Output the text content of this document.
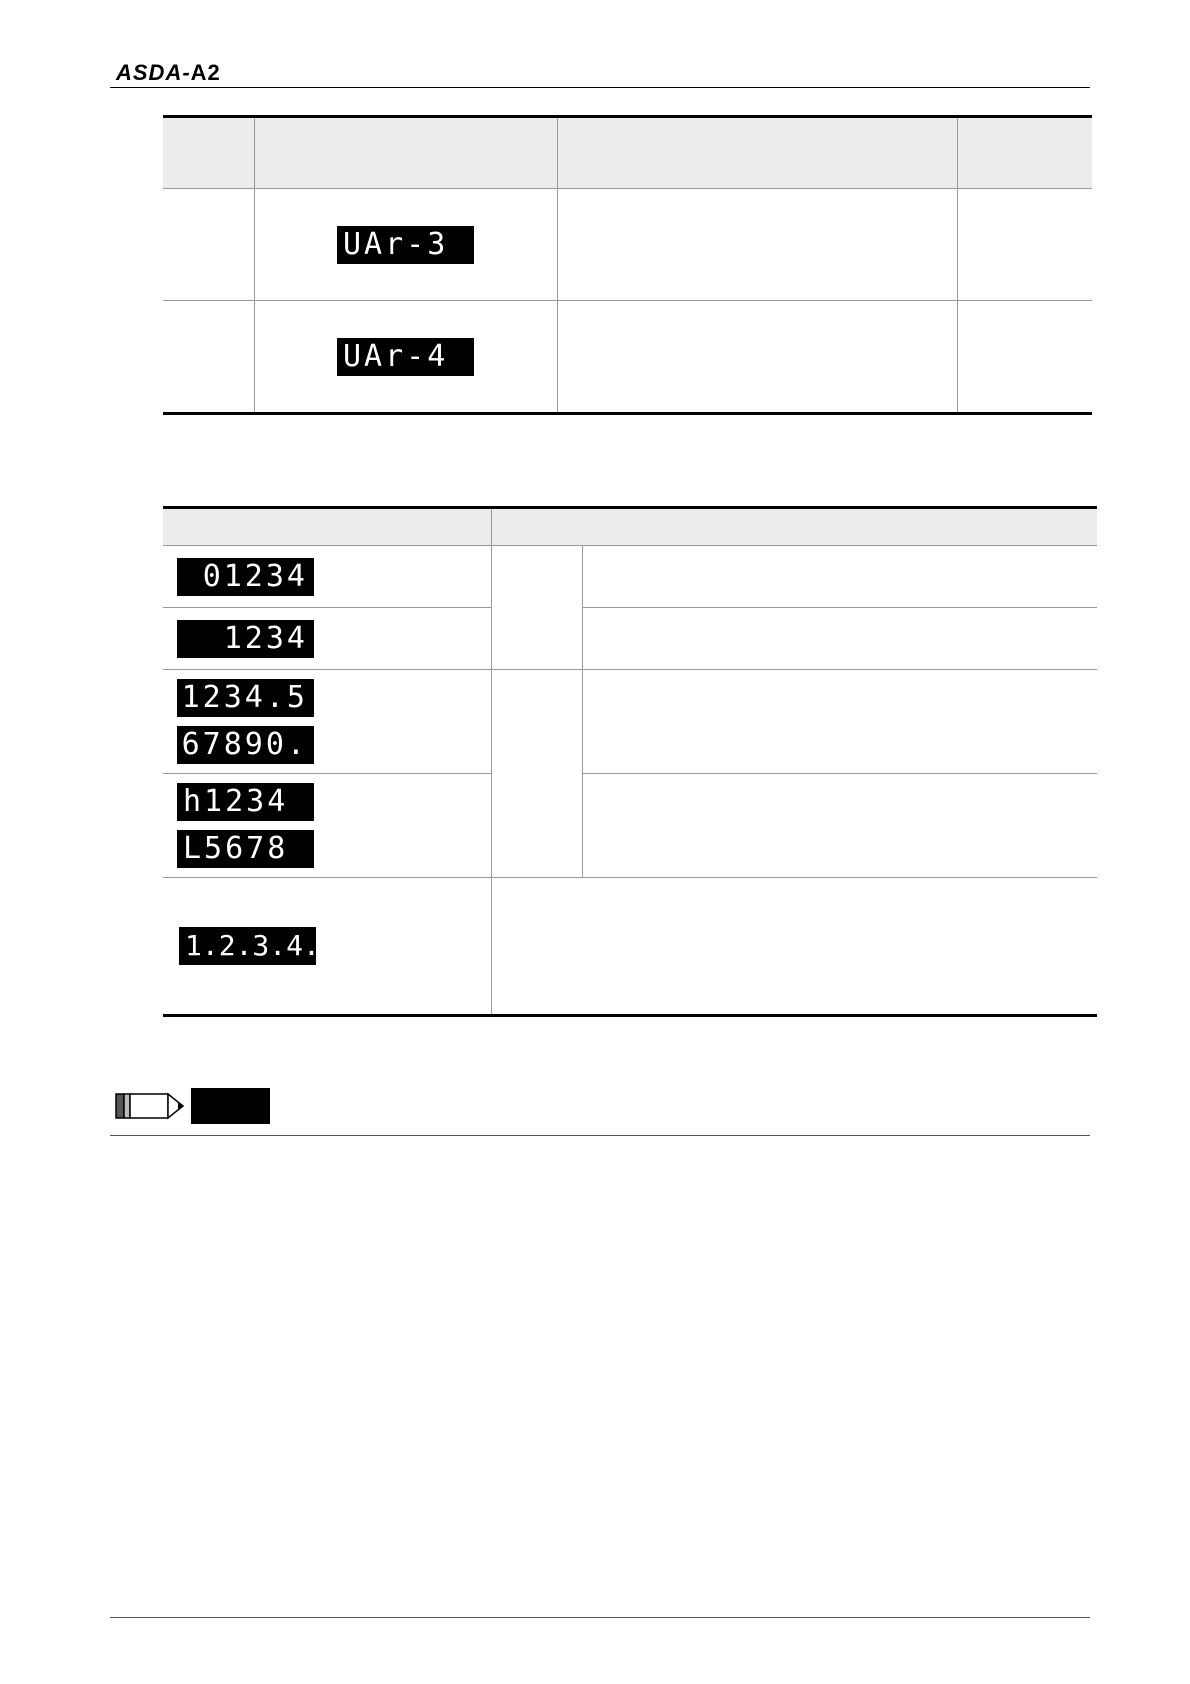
ASDA-A2

	UAr-3		
	UAr-4		

01234		
1234		

1234.5
67890.		

h1234
L5678		

1.2.3.4.5.		
